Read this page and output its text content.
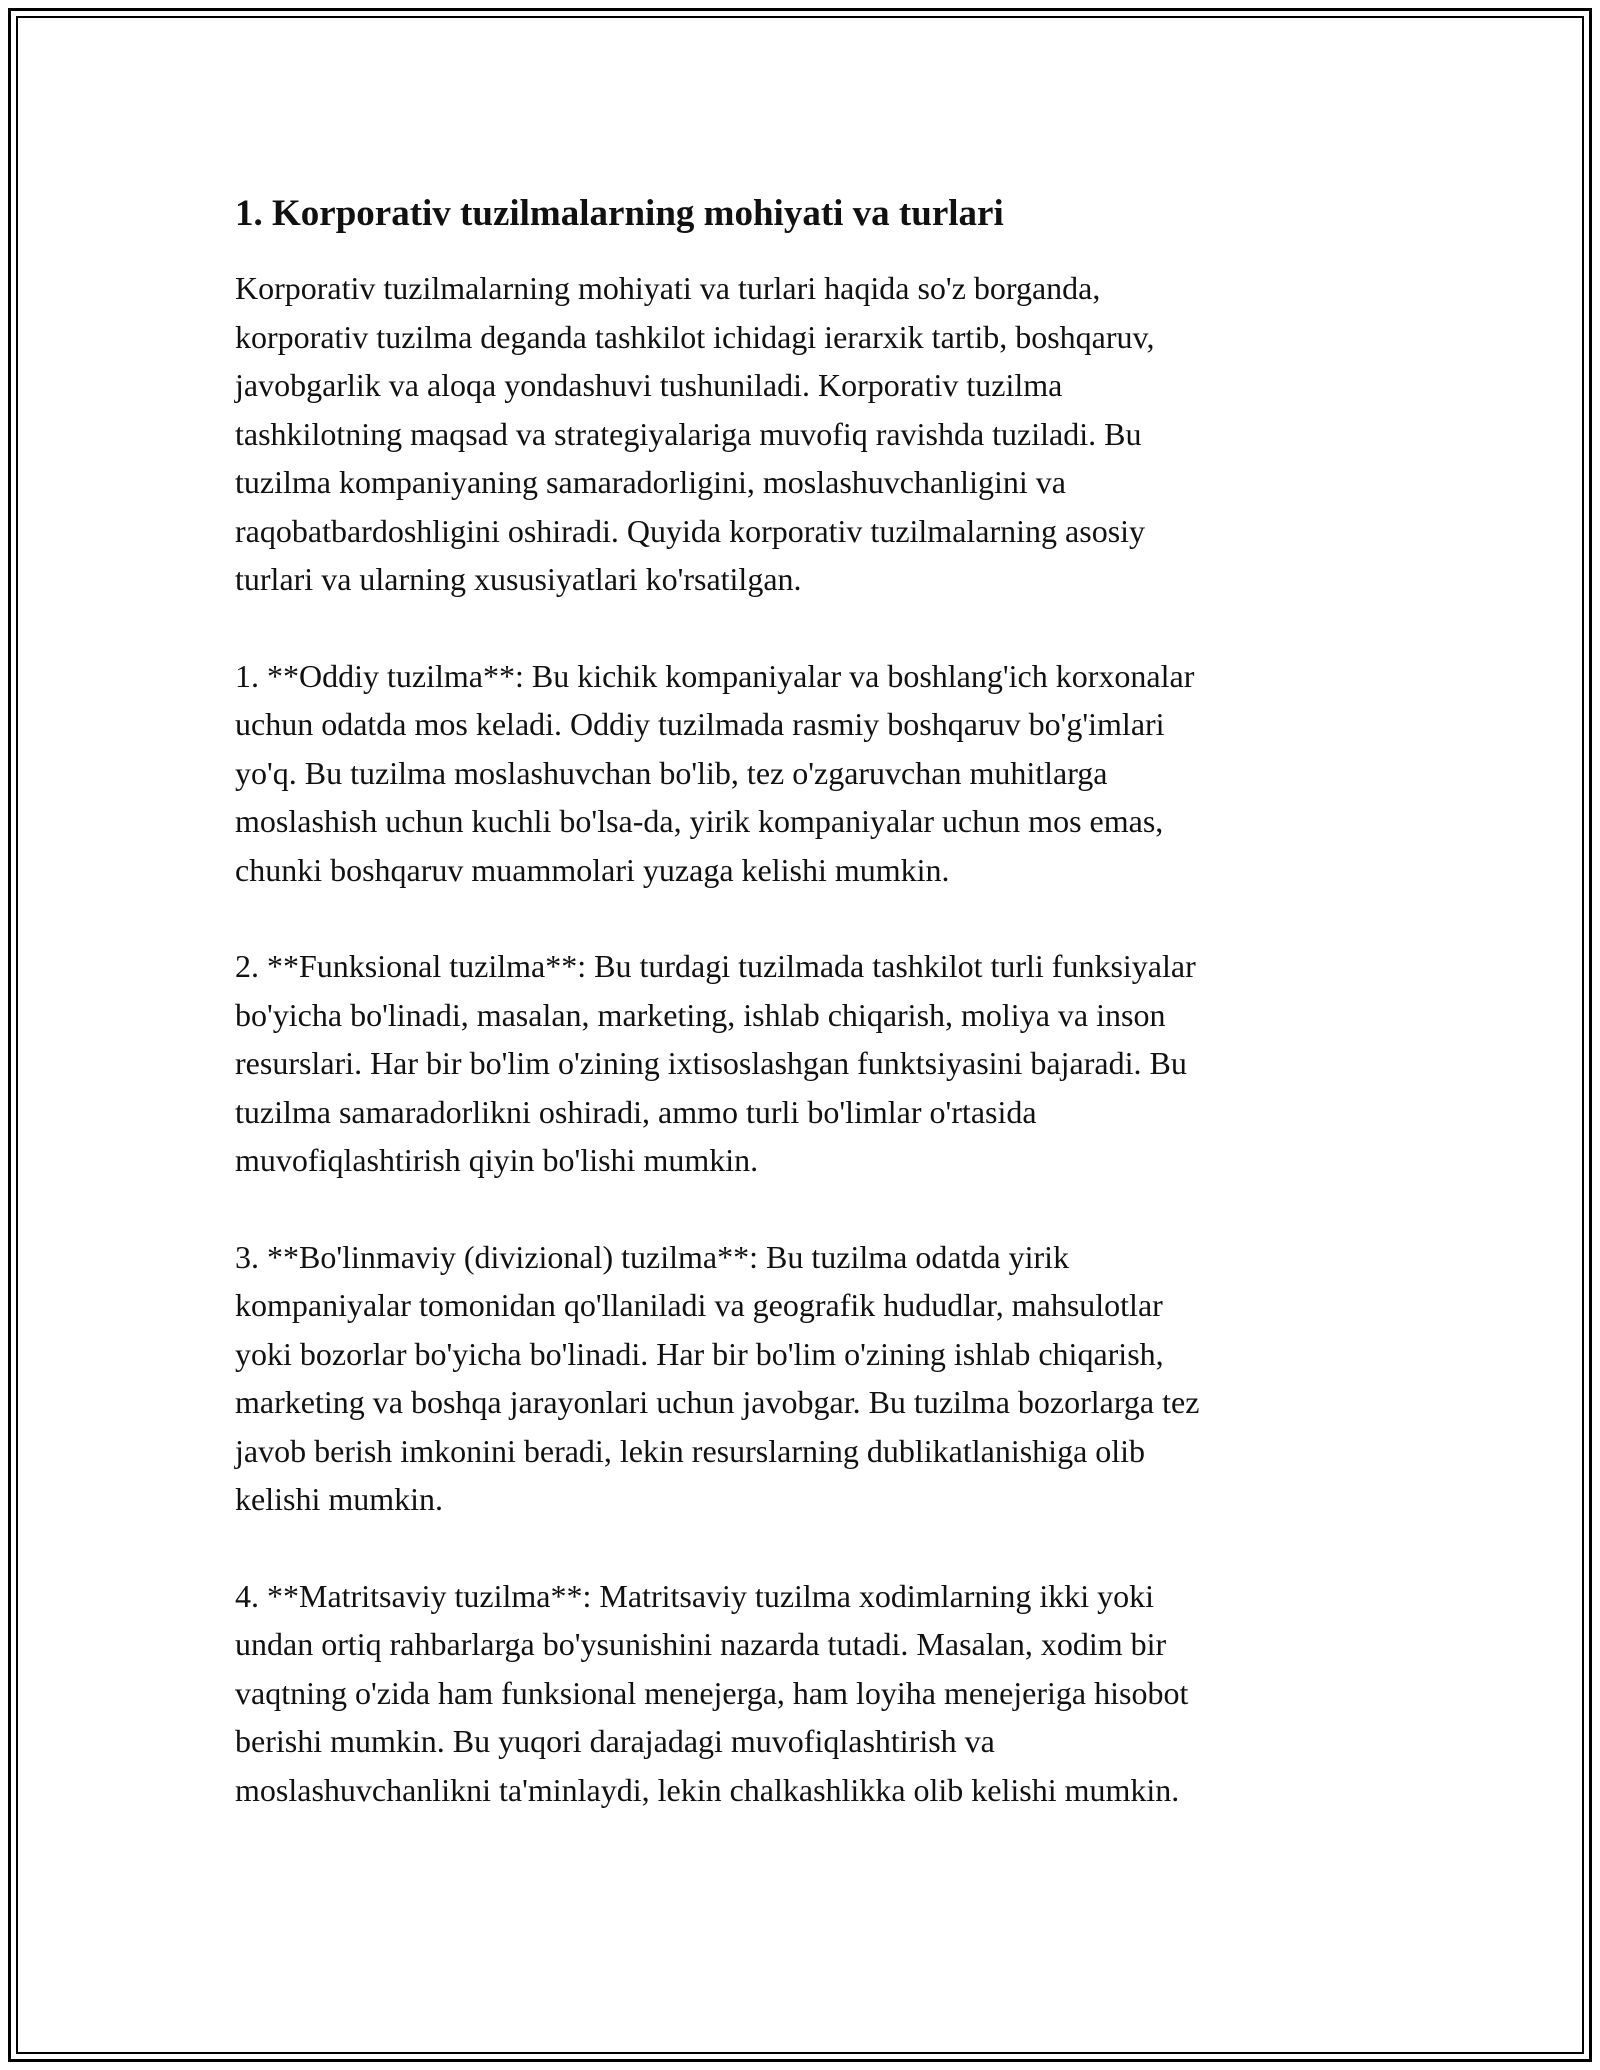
1. Korporativ tuzilmalarning mohiyati va turlari

Korporativ tuzilmalarning mohiyati va turlari haqida so'z borganda,
korporativ tuzilma deganda tashkilot ichidagi ierarxik tartib, boshqaruv,
javobgarlik va aloqa yondashuvi tushuniladi. Korporativ tuzilma
tashkilotning maqsad va strategiyalariga muvofiq ravishda tuziladi. Bu
tuzilma kompaniyaning samaradorligini, moslashuvchanligini va
raqobatbardoshligini oshiradi. Quyida korporativ tuzilmalarning asosiy
turlari va ularning xususiyatlari ko'rsatilgan.

1. **Oddiy tuzilma**: Bu kichik kompaniyalar va boshlang'ich korxonalar
uchun odatda mos keladi. Oddiy tuzilmada rasmiy boshqaruv bo'g'imlari
yo'q. Bu tuzilma moslashuvchan bo'lib, tez o'zgaruvchan muhitlarga
moslashish uchun kuchli bo'lsa-da, yirik kompaniyalar uchun mos emas,
chunki boshqaruv muammolari yuzaga kelishi mumkin.

2. **Funksional tuzilma**: Bu turdagi tuzilmada tashkilot turli funksiyalar
bo'yicha bo'linadi, masalan, marketing, ishlab chiqarish, moliya va inson
resurslari. Har bir bo'lim o'zining ixtisoslashgan funktsiyasini bajaradi. Bu
tuzilma samaradorlikni oshiradi, ammo turli bo'limlar o'rtasida
muvofiqlashtirish qiyin bo'lishi mumkin.

3. **Bo'linmaviy (divizional) tuzilma**: Bu tuzilma odatda yirik
kompaniyalar tomonidan qo'llaniladi va geografik hududlar, mahsulotlar
yoki bozorlar bo'yicha bo'linadi. Har bir bo'lim o'zining ishlab chiqarish,
marketing va boshqa jarayonlari uchun javobgar. Bu tuzilma bozorlarga tez
javob berish imkonini beradi, lekin resurslarning dublikatlanishiga olib
kelishi mumkin.

4. **Matritsaviy tuzilma**: Matritsaviy tuzilma xodimlarning ikki yoki
undan ortiq rahbarlarga bo'ysunishini nazarda tutadi. Masalan, xodim bir
vaqtning o'zida ham funksional menejerga, ham loyiha menejeriga hisobot
berishi mumkin. Bu yuqori darajadagi muvofiqlashtirish va
moslashuvchanlikni ta'minlaydi, lekin chalkashlikka olib kelishi mumkin.
